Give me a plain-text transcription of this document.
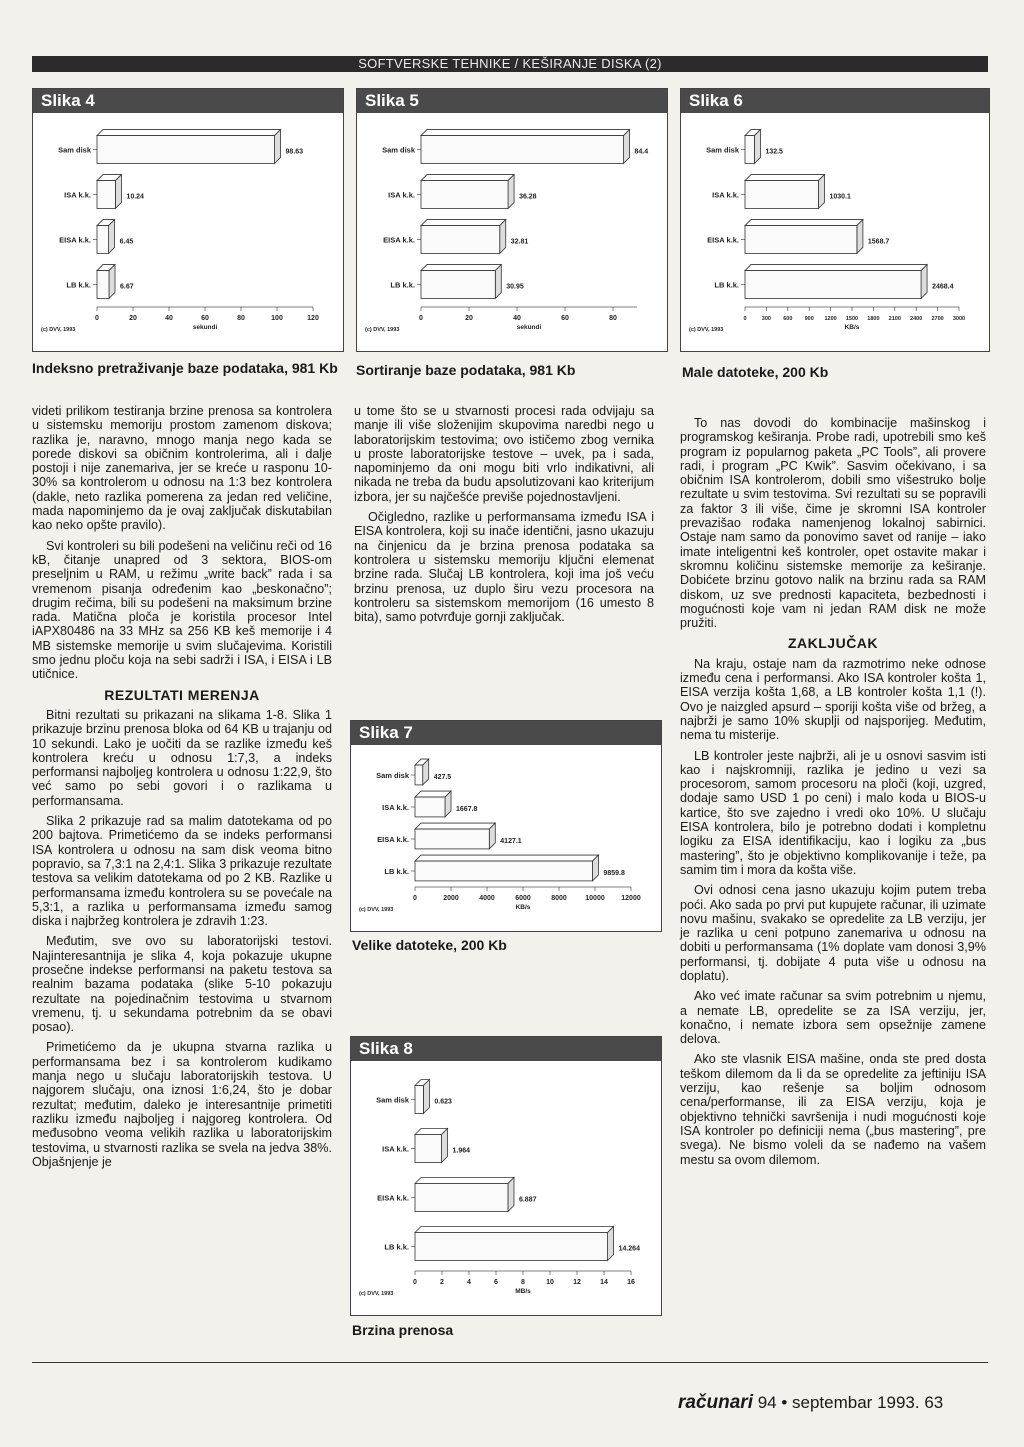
SOFTVERSKE TEHNIKE / KEŠIRANJE DISKA (2)
Slika 4
Sam disk	98.63
ISA k.k.	10.24
EISA k.k.	6.45
LB k.k.	6.67
0	20	40	60	80	100	120
sekundi
(c) DVV, 1993
Indeksno pretraživanje baze podataka, 981 Kb
Slika 5
Sam disk	84.4
ISA k.k.	36.28
EISA k.k.	32.81
LB k.k.	30.95
0	20	40	60	80
sekundi
(c) DVV, 1993
Sortiranje baze podataka, 981 Kb
Slika 6
Sam disk	132.5
ISA k.k.	1030.1
EISA k.k.	1568.7
LB k.k.	2468.4
0	300 600 900 1200 1500 1800 2100 2400 2700 3000
KB/s
(c) DVV, 1993
Male datoteke, 200 Kb

videti prilikom testiranja brzine prenosa sa kontrolera u sistemsku memoriju prostom zamenom diskova; razlika je, naravno, mnogo manja nego kada se porede diskovi sa običnim kontrolerima, ali i dalje postoji i nije zanemariva, jer se kreće u rasponu 10-30% sa kontrolerom u odnosu na 1:3 bez kontrolera (dakle, neto razlika pomerena za jedan red veličine, mada napominjemo da je ovaj zaključak diskutabilan kao neko opšte pravilo).

Svi kontroleri su bili podešeni na veličinu reči od 16 kB, čitanje unapred od 3 sektora, BIOS-om preseljnim u RAM, u režimu „write back” rada i sa vremenom pisanja određenim kao „beskonačno”; drugim rečima, bili su podešeni na maksimum brzine rada. Matična ploča je koristila procesor Intel iAPX80486 na 33 MHz sa 256 KB keš memorije i 4 MB sistemske memorije u svim slučajevima. Koristili smo jednu ploču koja na sebi sadrži i ISA, i EISA i LB utičnice.

REZULTATI MERENJA

Bitni rezultati su prikazani na slikama 1-8. Slika 1 prikazuje brzinu prenosa bloka od 64 KB u trajanju od 10 sekundi. Lako je uočiti da se razlike između keš kontrolera kreću u odnosu 1:7,3, a indeks performansi najboljeg kontrolera u odnosu 1:22,9, što već samo po sebi govori i o razlikama u performansama.

Slika 2 prikazuje rad sa malim datotekama od po 200 bajtova. Primetićemo da se indeks performansi ISA kontrolera u odnosu na sam disk veoma bitno popravio, sa 7,3:1 na 2,4:1. Slika 3 prikazuje rezultate testova sa velikim datotekama od po 2 KB. Razlike u performansama između kontrolera su se povećale na 5,3:1, a razlika u performansama između samog diska i najbržeg kontrolera je zdravih 1:23.

Međutim, sve ovo su laboratorijski testovi. Najinteresantnija je slika 4, koja pokazuje ukupne prosečne indekse performansi na paketu testova sa realnim bazama podataka (slike 5-10 pokazuju rezultate na pojedinačnim testovima u stvarnom vremenu, tj. u sekundama potrebnim da se obavi posao).

Primetićemo da je ukupna stvarna razlika u performansama bez i sa kontrolerom kudikamo manja nego u slučaju laboratorijskih testova. U najgorem slučaju, ona iznosi 1:6,24, što je dobar rezultat; međutim, daleko je interesantnije primetiti razliku između najboljeg i najgoreg kontrolera. Od međusobno veoma velikih razlika u laboratorijskim testovima, u stvarnosti razlika se svela na jedva 38%. Objašnjenje je

u tome što se u stvarnosti procesi rada odvijaju sa manje ili više složenijim skupovima naredbi nego u laboratorijskim testovima; ovo ističemo zbog vernika u proste laboratorijske testove – uvek, pa i sada, napominjemo da oni mogu biti vrlo indikativni, ali nikada ne treba da budu apsolutizovani kao kriterijum izbora, jer su najčešće previše pojednostavljeni.

Očigledno, razlike u performansama između ISA i EISA kontrolera, koji su inače identični, jasno ukazuju na činjenicu da je brzina prenosa podataka sa kontrolera u sistemsku memoriju ključni elemenat brzine rada. Slučaj LB kontrolera, koji ima još veću brzinu prenosa, uz duplo širu vezu procesora na kontroleru sa sistemskom memorijom (16 umesto 8 bita), samo potvrđuje gornji zaključak.

Slika 7
Sam disk	427.5
ISA k.k.	1667.8
EISA k.k.	4127.1
LB k.k.	9859.8
0	2000	4000	6000	8000	10000 12000
KB/s
(c) DVV, 1993
Velike datoteke, 200 Kb
Slika 8
Sam disk	0.623
ISA k.k.	1.964
EISA k.k.	6.887
LB k.k.	14.264
0	2	4	6	8	10	12	14	16
MB/s
(c) DVV, 1993
Brzina prenosa

To nas dovodi do kombinacije mašinskog i programskog keširanja. Probe radi, upotrebili smo keš program iz popularnog paketa „PC Tools”, ali provere radi, i program „PC Kwik”. Sasvim očekivano, i sa običnim ISA kontrolerom, dobili smo višestruko bolje rezultate u svim testovima. Svi rezultati su se popravili za faktor 3 ili više, čime je skromni ISA kontroler prevazišao rođaka namenjenog lokalnoj sabirnici. Ostaje nam samo da ponovimo savet od ranije – iako imate inteligentni keš kontroler, opet ostavite makar i skromnu količinu sistemske memorije za keširanje. Dobićete brzinu gotovo nalik na brzinu rada sa RAM diskom, uz sve prednosti kapaciteta, bezbednosti i mogućnosti koje vam ni jedan RAM disk ne može pružiti.

ZAKLJUČAK

Na kraju, ostaje nam da razmotrimo neke odnose između cena i performansi. Ako ISA kontroler košta 1, EISA verzija košta 1,68, a LB kontroler košta 1,1 (!). Ovo je naizgled apsurd – sporiji košta više od bržeg, a najbrži je samo 10% skuplji od najsporijeg. Međutim, nema tu misterije.

LB kontroler jeste najbrži, ali je u osnovi sasvim isti kao i najskromniji, razlika je jedino u vezi sa procesorom, samom procesoru na ploči (koji, uzgred, dodaje samo USD 1 po ceni) i malo koda u BIOS-u kartice, što sve zajedno i vredi oko 10%. U slučaju EISA kontrolera, bilo je potrebno dodati i kompletnu logiku za EISA identifikaciju, kao i logiku za „bus mastering”, što je objektivno komplikovanije i teže, pa samim tim i mora da košta više.

Ovi odnosi cena jasno ukazuju kojim putem treba poći. Ako sada po prvi put kupujete računar, ili uzimate novu mašinu, svakako se opredelite za LB verziju, jer je razlika u ceni potpuno zanemariva u odnosu na dobiti u performansama (1% doplate vam donosi 3,9% performansi, tj. dobijate 4 puta više u odnosu na doplatu).

Ako već imate računar sa svim potrebnim u njemu, a nemate LB, opredelite se za ISA verziju, jer, konačno, i nemate izbora sem opsežnije zamene delova.

Ako ste vlasnik EISA mašine, onda ste pred dosta teškom dilemom da li da se opredelite za jeftiniju ISA verziju, kao rešenje sa boljim odnosom cena/performanse, ili za EISA verziju, koja je objektivno tehnički savršenija i nudi mogućnosti koje ISA kontroler po definiciji nema („bus mastering”, pre svega). Ne bismo voleli da se nađemo na vašem mestu sa ovom dilemom.

računari 94 • septembar 1993. 63
